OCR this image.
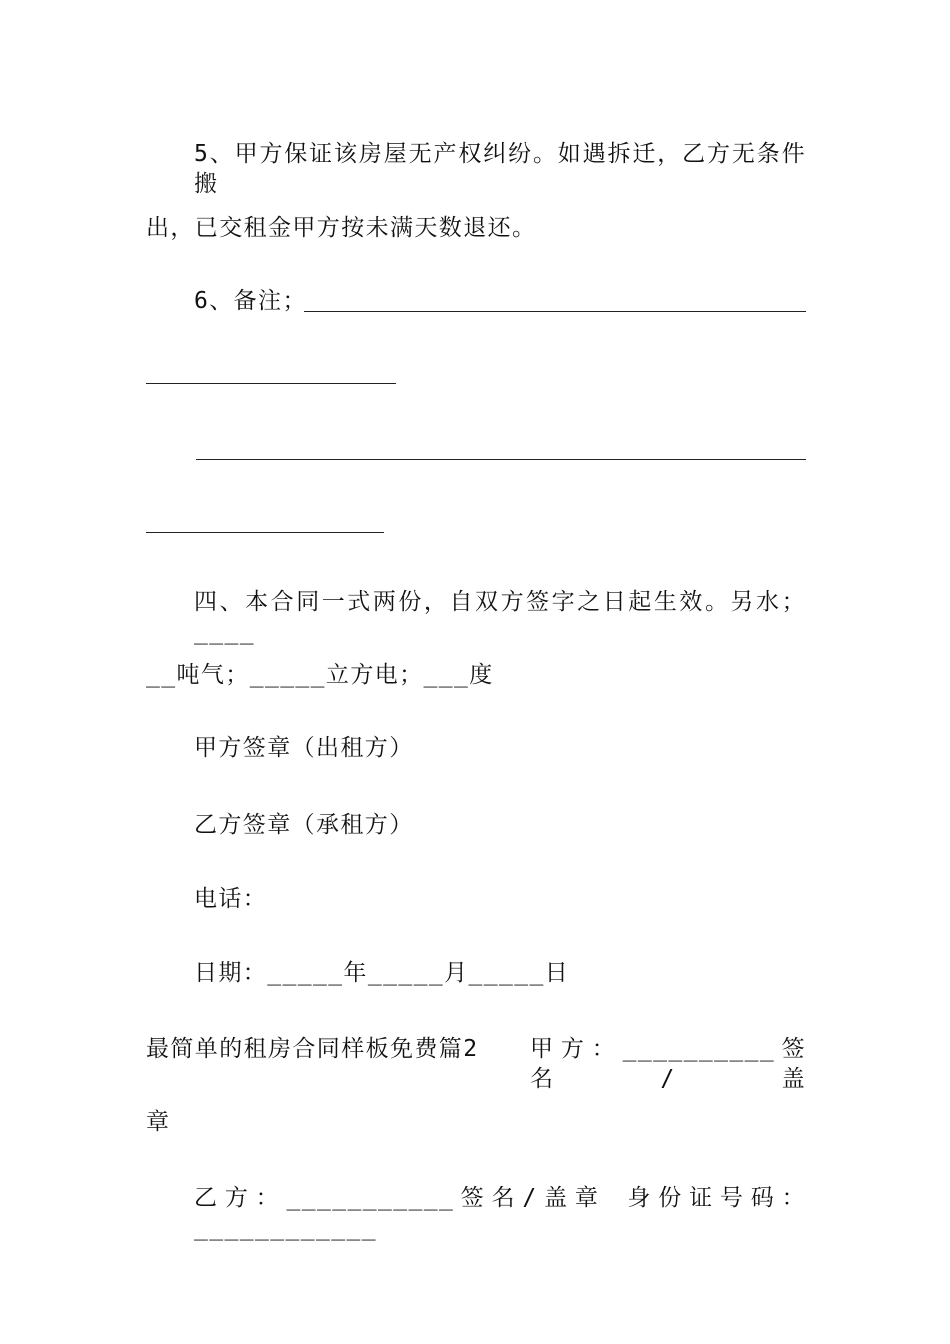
5、甲方保证该房屋无产权纠纷。如遇拆迁，乙方无条件搬
出，已交租金甲方按未满天数退还。
6、备注；
四、本合同一式两份，自双方签字之日起生效。另水；____
__吨气；_____立方电；___度
甲方签章（出租方）
乙方签章（承租方）
电话：
日期：_____年_____月_____日
最简单的租房合同样板免费篇2	甲方：__________签名/盖
章
乙方：___________签名/盖章 身份证号码：____________
